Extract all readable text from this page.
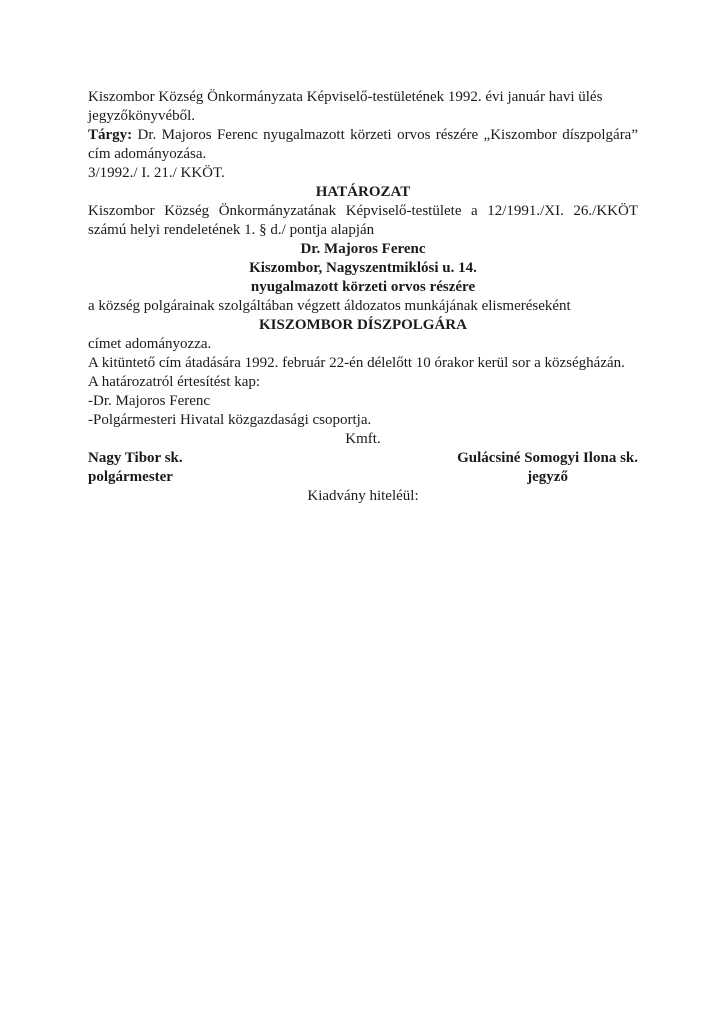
Kiszombor Község Önkormányzata Képviselő-testületének 1992. évi január havi ülés jegyzőkönyvéből.

Tárgy: Dr. Majoros Ferenc nyugalmazott körzeti orvos részére „Kiszombor díszpolgára” cím adományozása.

3/1992./ I. 21./ KKÖT.

HATÁROZAT

Kiszombor Község Önkormányzatának Képviselő-testülete a 12/1991./XI. 26./KKÖT számú helyi rendeletének 1. § d./ pontja alapján

Dr. Majoros Ferenc
Kiszombor, Nagyszentmiklósi u. 14.
nyugalmazott körzeti orvos részére

a község polgárainak szolgáltában végzett áldozatos munkájának elismeréseként

KISZOMBOR DÍSZPOLGÁRA

címet adományozza.

A kitüntető cím átadására 1992. február 22-én délelőtt 10 órakor kerül sor a községházán.

A határozatról értesítést kap:
-Dr. Majoros Ferenc
-Polgármesteri Hivatal közgazdasági csoportja.

Kmft.

Nagy Tibor sk.
polgármester
Gulácsiné Somogyi Ilona sk.
jegyző

Kiadvány hiteléül:
